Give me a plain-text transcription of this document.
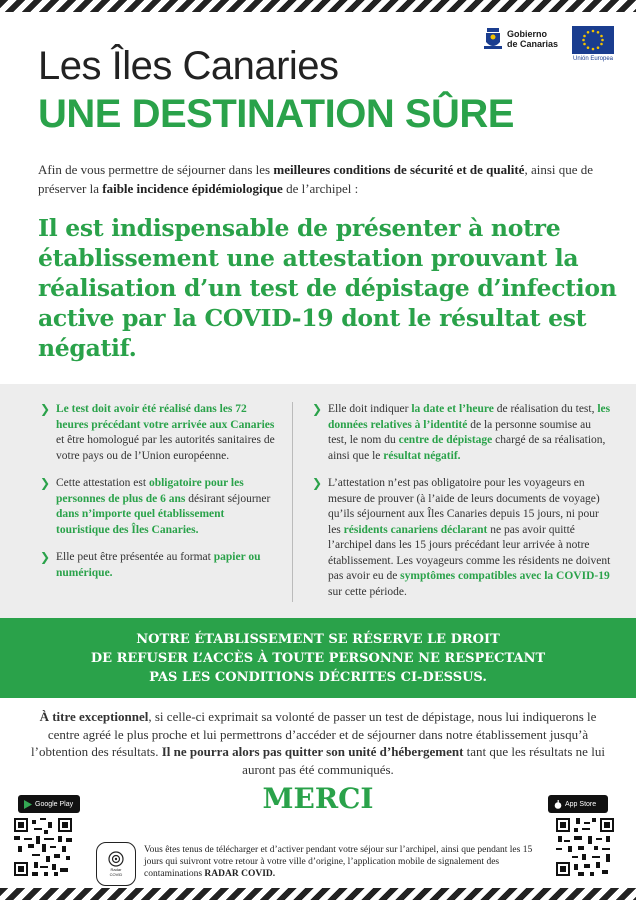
Gobierno
de Canarias
Unión Europea
Les Îles Canaries
UNE DESTINATION SÛRE
Afin de vous permettre de séjourner dans les meilleures conditions de sécurité et de qualité, ainsi que de préserver la faible incidence épidémiologique de l’archipel :

Il est indispensable de présenter à notre établissement une attestation prouvant la réalisation d’un test de dépistage d’infection active par la COVID-19 dont le résultat est négatif.

❯ Le test doit avoir été réalisé dans les 72 heures précédant votre arrivée aux Canaries et être homologué par les autorités sanitaires de votre pays ou de l’Union européenne.
❯ Cette attestation est obligatoire pour les personnes de plus de 6 ans désirant séjourner dans n’importe quel établissement touristique des Îles Canaries.
❯ Elle peut être présentée au format papier ou numérique.
❯ Elle doit indiquer la date et l’heure de réalisation du test, les données relatives à l’identité de la personne soumise au test, le nom du centre de dépistage chargé de sa réalisation, ainsi que le résultat négatif.
❯ L’attestation n’est pas obligatoire pour les voyageurs en mesure de prouver (à l’aide de leurs documents de voyage) qu’ils séjournent aux Îles Canaries depuis 15 jours, ni pour les résidents canariens déclarant ne pas avoir quitté l’archipel dans les 15 jours précédant leur arrivée à notre établissement. Les voyageurs comme les résidents ne doivent pas avoir eu de symptômes compatibles avec la COVID-19 sur cette période.
NOTRE ÉTABLISSEMENT SE RÉSERVE LE DROIT
DE REFUSER L’ACCÈS À TOUTE PERSONNE NE RESPECTANT
PAS LES CONDITIONS DÉCRITES CI-DESSUS.
À titre exceptionnel, si celle-ci exprimait sa volonté de passer un test de dépistage, nous lui indiquerons le centre agréé le plus proche et lui permettrons d’accéder et de séjourner dans notre établissement jusqu’à l’obtention des résultats. Il ne pourra alors pas quitter son unité d’hébergement tant que les résultats ne lui auront pas été communiqués.
MERCI
Google Play	App Store
Radar
COVID
Vous êtes tenus de télécharger et d’activer pendant votre séjour sur l’archipel, ainsi que pendant les 15 jours qui suivront votre retour à votre ville d’origine, l’application mobile de signalement des contaminations RADAR COVID.
